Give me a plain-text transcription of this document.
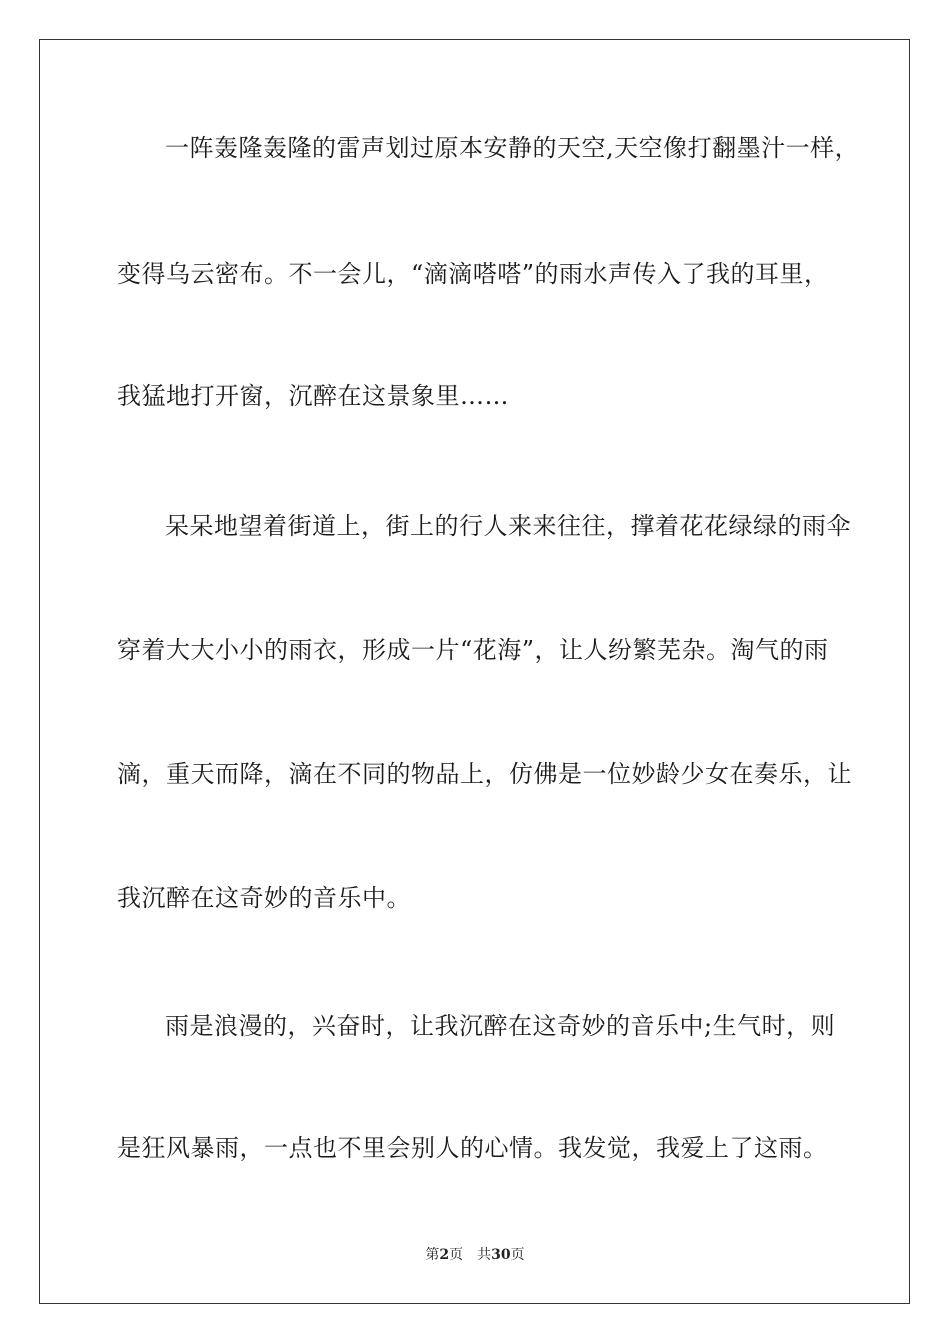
一阵轰隆轰隆的雷声划过原本安静的天空,天空像打翻墨汁一样，
变得乌云密布。不一会儿，“滴滴嗒嗒”的雨水声传入了我的耳里，
我猛地打开窗，沉醉在这景象里……
呆呆地望着街道上，街上的行人来来往往，撑着花花绿绿的雨伞
穿着大大小小的雨衣，形成一片“花海”，让人纷繁芜杂。淘气的雨
滴，重天而降，滴在不同的物品上，仿佛是一位妙龄少女在奏乐，让
我沉醉在这奇妙的音乐中。
雨是浪漫的，兴奋时，让我沉醉在这奇妙的音乐中;生气时，则
是狂风暴雨，一点也不里会别人的心情。我发觉，我爱上了这雨。
第2页 共30页
